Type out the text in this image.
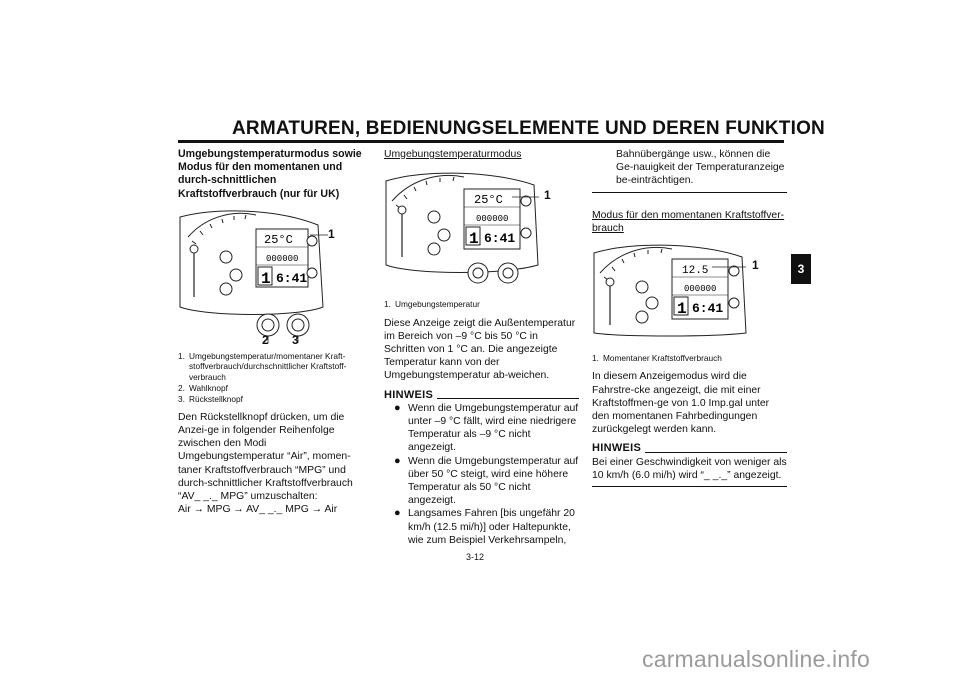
ARMATUREN, BEDIENUNGSELEMENTE UND DEREN FUNKTION
3

Umgebungstemperaturmodus sowie Modus für den momentanen und durch-schnittlichen Kraftstoffverbrauch (nur für UK)

25°C
000000
1 6:41
1
2 3
1. Umgebungstemperatur/momentaner Kraft-stoffverbrauch/durchschnittlicher Kraftstoff-verbrauch
2. Wahlknopf
3. Rückstellknopf

Den Rückstellknopf drücken, um die Anzei-ge in folgender Reihenfolge zwischen den Modi Umgebungstemperatur “Air”, momen-taner Kraftstoffverbrauch “MPG” und durch-schnittlicher Kraftstoffverbrauch “AV_ _._ MPG” umzuschalten:

Air → MPG → AV_ _._ MPG → Air

Umgebungstemperaturmodus

25°C
000000
1 6:41
1
1. Umgebungstemperatur

Diese Anzeige zeigt die Außentemperatur im Bereich von –9 °C bis 50 °C in Schritten von 1 °C an. Die angezeigte Temperatur kann von der Umgebungstemperatur ab-weichen.

HINWEIS
● Wenn die Umgebungstemperatur auf unter –9 °C fällt, wird eine niedrigere Temperatur als –9 °C nicht angezeigt.
● Wenn die Umgebungstemperatur auf über 50 °C steigt, wird eine höhere Temperatur als 50 °C nicht angezeigt.
● Langsames Fahren [bis ungefähr 20 km/h (12.5 mi/h)] oder Haltepunkte, wie zum Beispiel Verkehrsampeln,

Bahnübergänge usw., können die Ge-nauigkeit der Temperaturanzeige be-einträchtigen.

Modus für den momentanen Kraftstoffver-brauch

12.5
000000
1 6:41
1
1. Momentaner Kraftstoffverbrauch

In diesem Anzeigemodus wird die Fahrstre-cke angezeigt, die mit einer Kraftstoffmen-ge von 1.0 Imp.gal unter den momentanen Fahrbedingungen zurückgelegt werden kann.

HINWEIS

Bei einer Geschwindigkeit von weniger als 10 km/h (6.0 mi/h) wird “_ _._” angezeigt.

3-12
carmanualsonline.info
